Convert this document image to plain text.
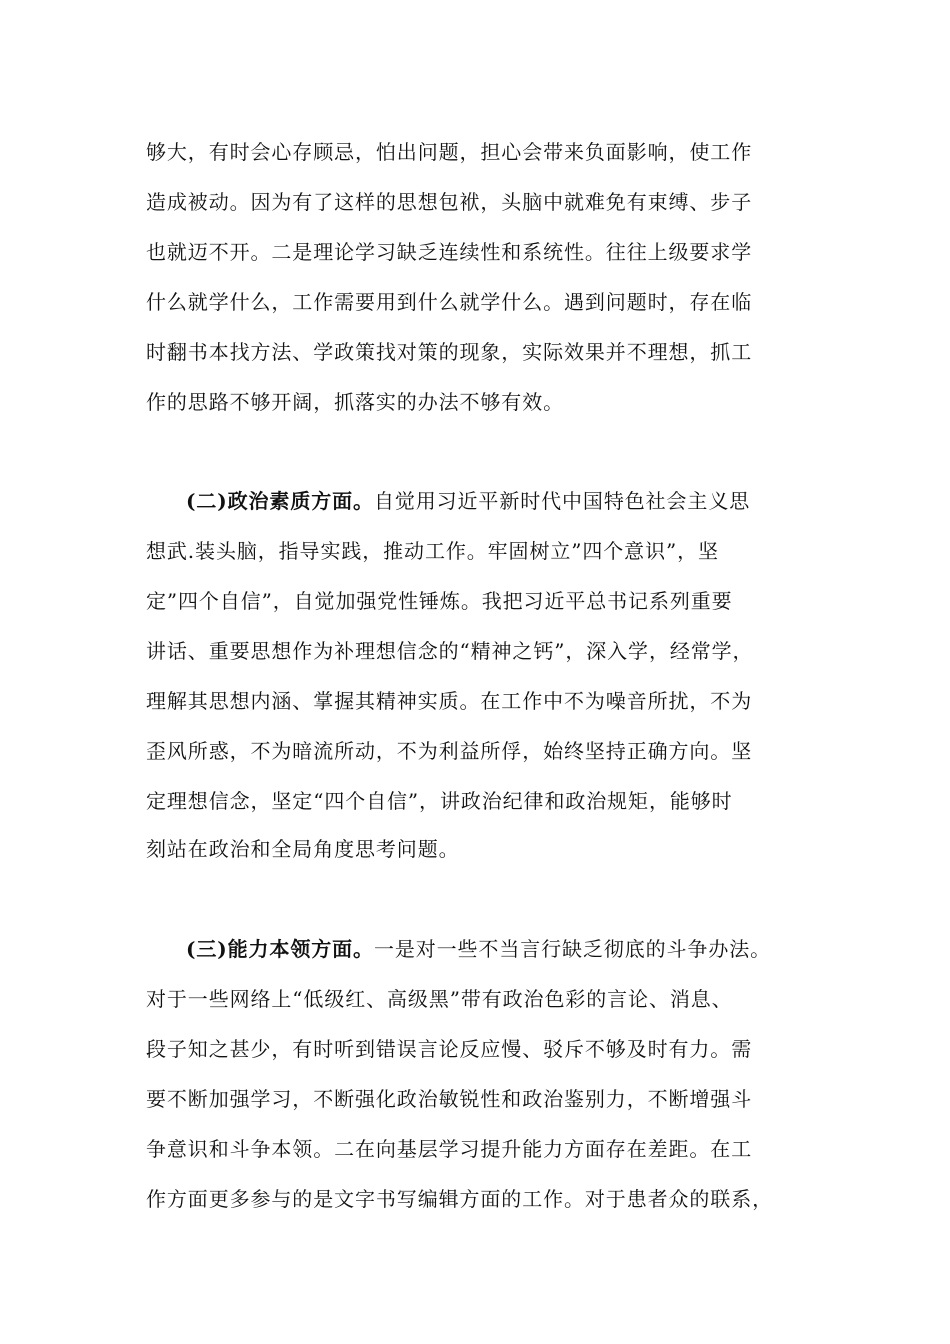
够大，有时会心存顾忌，怕出问题，担心会带来负面影响，使工作
造成被动。因为有了这样的思想包袱，头脑中就难免有束缚、步子
也就迈不开。二是理论学习缺乏连续性和系统性。往往上级要求学
什么就学什么，工作需要用到什么就学什么。遇到问题时，存在临
时翻书本找方法、学政策找对策的现象，实际效果并不理想，抓工
作的思路不够开阔，抓落实的办法不够有效。
(二)政治素质方面。自觉用习近平新时代中国特色社会主义思
想武.装头脑，指导实践，推动工作。牢固树立”四个意识”，坚
定”四个自信”，自觉加强党性锤炼。我把习近平总书记系列重要
讲话、重要思想作为补理想信念的“精神之钙”，深入学，经常学，
理解其思想内涵、掌握其精神实质。在工作中不为噪音所扰，不为
歪风所惑，不为暗流所动，不为利益所俘，始终坚持正确方向。坚
定理想信念，坚定“四个自信”，讲政治纪律和政治规矩，能够时
刻站在政治和全局角度思考问题。
(三)能力本领方面。一是对一些不当言行缺乏彻底的斗争办法。
对于一些网络上“低级红、高级黑”带有政治色彩的言论、消息、
段子知之甚少，有时听到错误言论反应慢、驳斥不够及时有力。需
要不断加强学习，不断强化政治敏锐性和政治鉴别力，不断增强斗
争意识和斗争本领。二在向基层学习提升能力方面存在差距。在工
作方面更多参与的是文字书写编辑方面的工作。对于患者众的联系，
